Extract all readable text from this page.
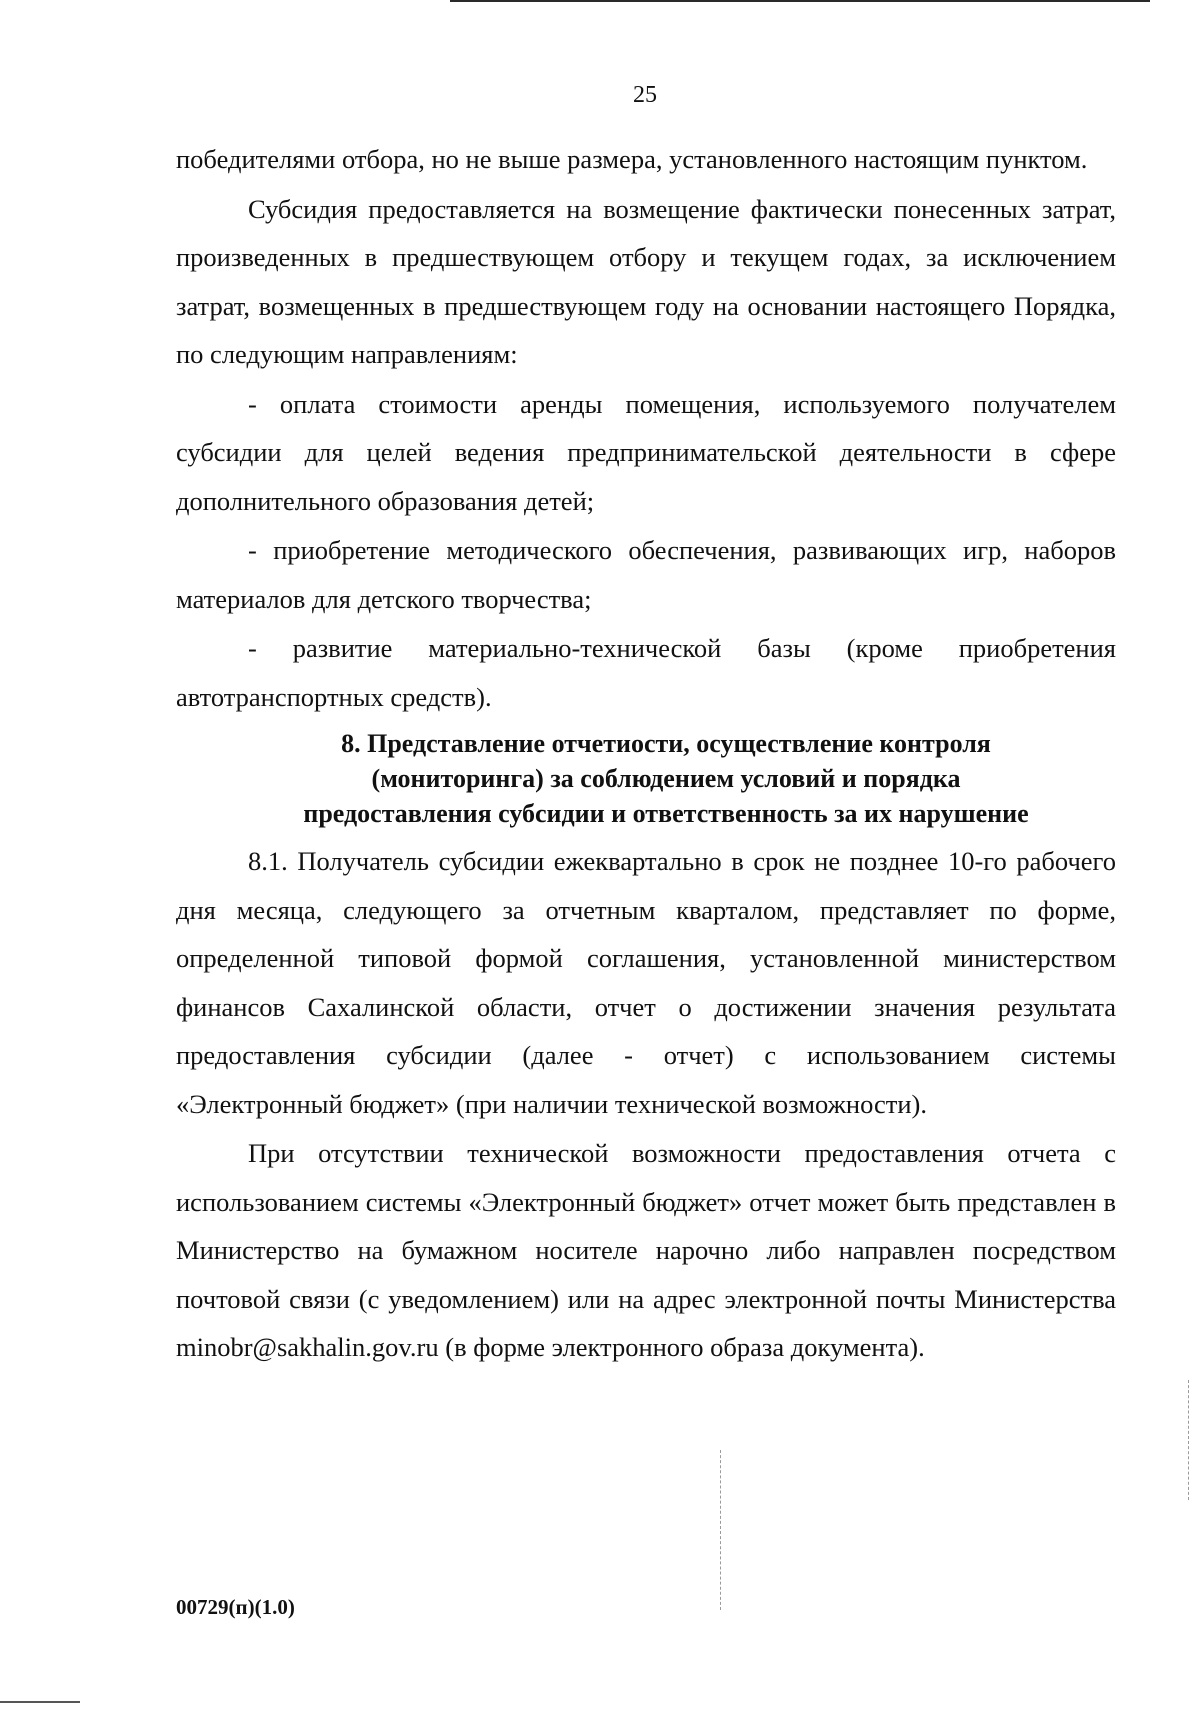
25

победителями отбора, но не выше размера, установленного настоящим пунктом.

Субсидия предоставляется на возмещение фактически понесенных затрат, произведенных в предшествующем отбору и текущем годах, за исключением затрат, возмещенных в предшествующем году на основании настоящего Порядка, по следующим направлениям:

- оплата стоимости аренды помещения, используемого получателем субсидии для целей ведения предпринимательской деятельности в сфере дополнительного образования детей;

- приобретение методического обеспечения, развивающих игр, наборов материалов для детского творчества;

- развитие материально-технической базы (кроме приобретения автотранспортных средств).

8. Представление отчетиости, осуществление контроля
(мониторинга) за соблюдением условий и порядка
предоставления субсидии и ответственность за их нарушение

8.1. Получатель субсидии ежеквартально в срок не позднее 10-го рабочего дня месяца, следующего за отчетным кварталом, представляет по форме, определенной типовой формой соглашения, установленной министерством финансов Сахалинской области, отчет о достижении значения результата предоставления субсидии (далее - отчет) с использованием системы «Электронный бюджет» (при наличии технической возможности).

При отсутствии технической возможности предоставления отчета с использованием системы «Электронный бюджет» отчет может быть представлен в Министерство на бумажном носителе нарочно либо направлен посредством почтовой связи (с уведомлением) или на адрес электронной почты Министерства minobr@sakhalin.gov.ru (в форме электронного образа документа).

00729(п)(1.0)
